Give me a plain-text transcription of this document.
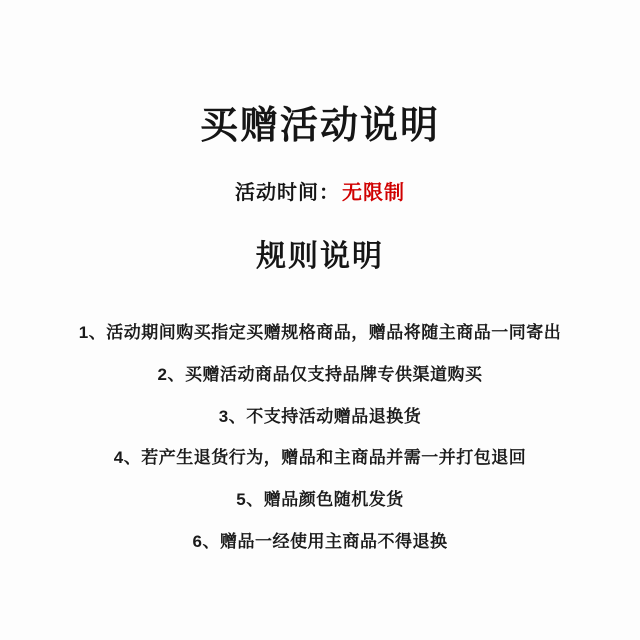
买赠活动说明
活动时间： 无限制
规则说明
1、活动期间购买指定买赠规格商品，赠品将随主商品一同寄出
2、买赠活动商品仅支持品牌专供渠道购买
3、不支持活动赠品退换货
4、若产生退货行为，赠品和主商品并需一并打包退回
5、赠品颜色随机发货
6、赠品一经使用主商品不得退换
